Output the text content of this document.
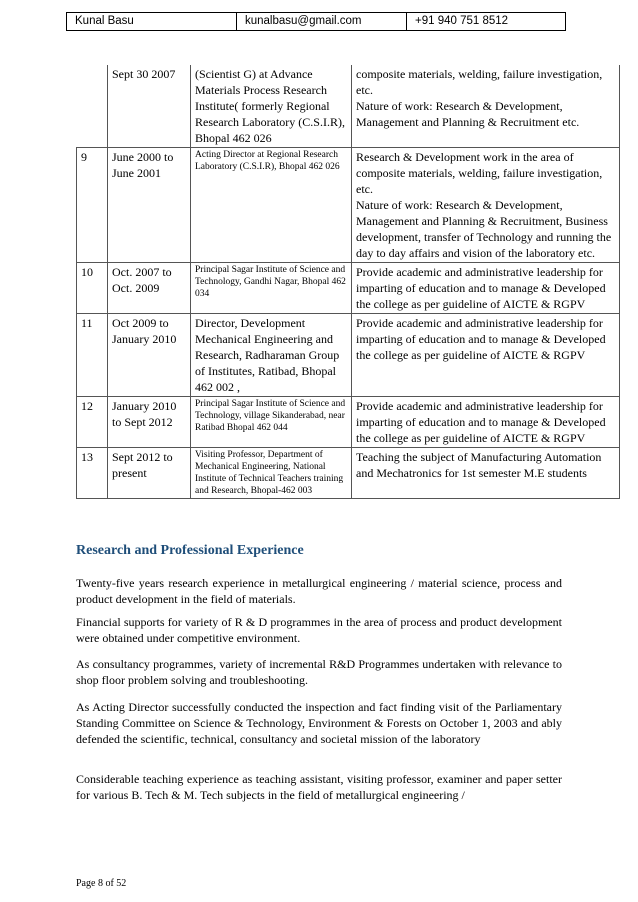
Kunal Basu	kunalbasu@gmail.com	+91 940 751 8512
	Sept 30 2007	(Scientist G) at Advance Materials Process Research Institute( formerly Regional Research Laboratory (C.S.I.R), Bhopal 462 026	composite materials, welding, failure investigation, etc.
Nature of work: Research & Development, Management and Planning & Recruitment etc.
9	June 2000 to June 2001	Acting Director at Regional Research Laboratory (C.S.I.R), Bhopal 462 026	Research & Development work in the area of composite materials, welding, failure investigation, etc.
Nature of work: Research & Development, Management and Planning & Recruitment, Business development, transfer of Technology and running the day to day affairs and vision of the laboratory etc.
10	Oct. 2007 to Oct. 2009	Principal Sagar Institute of Science and Technology, Gandhi Nagar, Bhopal 462 034	Provide academic and administrative leadership for imparting of education and to manage & Developed the college as per guideline of AICTE & RGPV
11	Oct 2009 to January 2010	Director, Development Mechanical Engineering and Research, Radharaman Group of Institutes, Ratibad, Bhopal 462 002 ,	Provide academic and administrative leadership for imparting of education and to manage & Developed the college as per guideline of AICTE & RGPV
12	January 2010 to Sept 2012	Principal Sagar Institute of Science and Technology, village Sikanderabad, near Ratibad Bhopal 462 044	Provide academic and administrative leadership for imparting of education and to manage & Developed the college as per guideline of AICTE & RGPV
13	Sept 2012 to present	Visiting Professor, Department of Mechanical Engineering, National Institute of Technical Teachers training and Research, Bhopal-462 003	Teaching the subject of Manufacturing Automation and Mechatronics for 1st semester M.E students
Research and Professional Experience
Twenty-five years research experience in metallurgical engineering / material science, process and product development in the field of materials.
Financial supports for variety of R & D programmes in the area of process and product development were obtained under competitive environment.
As consultancy programmes, variety of incremental R&D Programmes undertaken with relevance to shop floor problem solving and troubleshooting.
As Acting Director successfully conducted the inspection and fact finding visit of the Parliamentary Standing Committee on Science & Technology, Environment & Forests on October 1, 2003 and ably defended the scientific, technical, consultancy and societal mission of the laboratory
Considerable teaching experience as teaching assistant, visiting professor, examiner and paper setter for various B. Tech & M. Tech subjects in the field of metallurgical engineering /
Page 8 of 52
